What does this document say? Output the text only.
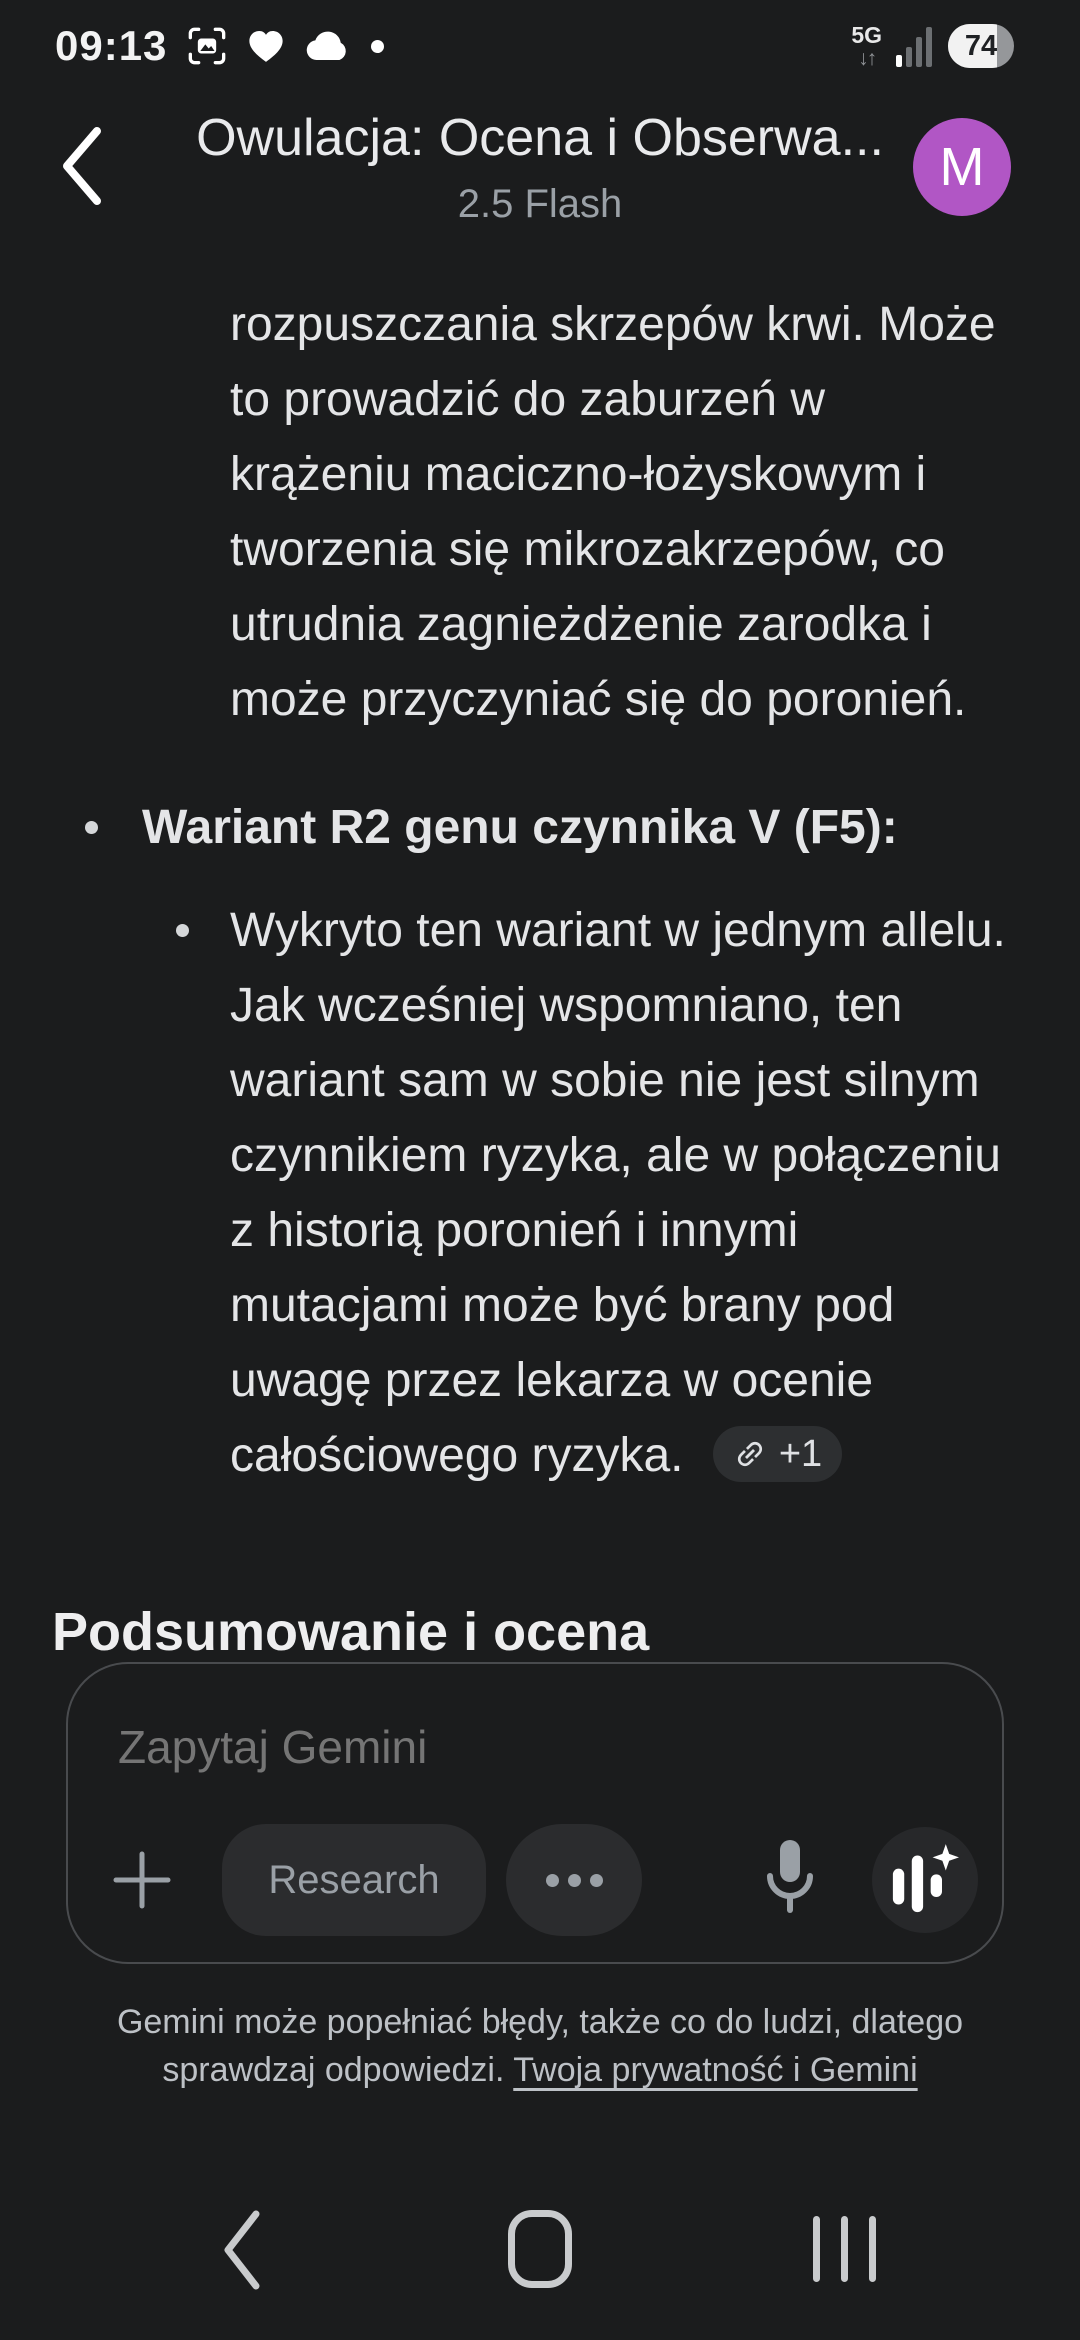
09:13	5G
↓↑	74
Owulacja: Ocena i Obserwa...
2.5 Flash
M
rozpuszczania skrzepów krwi. Może to prowadzić do zaburzeń w krążeniu maciczno-łożyskowym i tworzenia się mikrozakrzepów, co utrudnia zagnieżdżenie zarodka i może przyczyniać się do poronień.
Wariant R2 genu czynnika V (F5):
Wykryto ten wariant w jednym allelu. Jak wcześniej wspomniano, ten wariant sam w sobie nie jest silnym czynnikiem ryzyka, ale w połączeniu z historią poronień i innymi mutacjami może być brany pod uwagę przez lekarza w ocenie całościowego ryzyka.	+1
Podsumowanie i ocena
Zapytaj Gemini
Research
Gemini może popełniać błędy, także co do ludzi, dlatego sprawdzaj odpowiedzi. Twoja prywatność i Gemini
